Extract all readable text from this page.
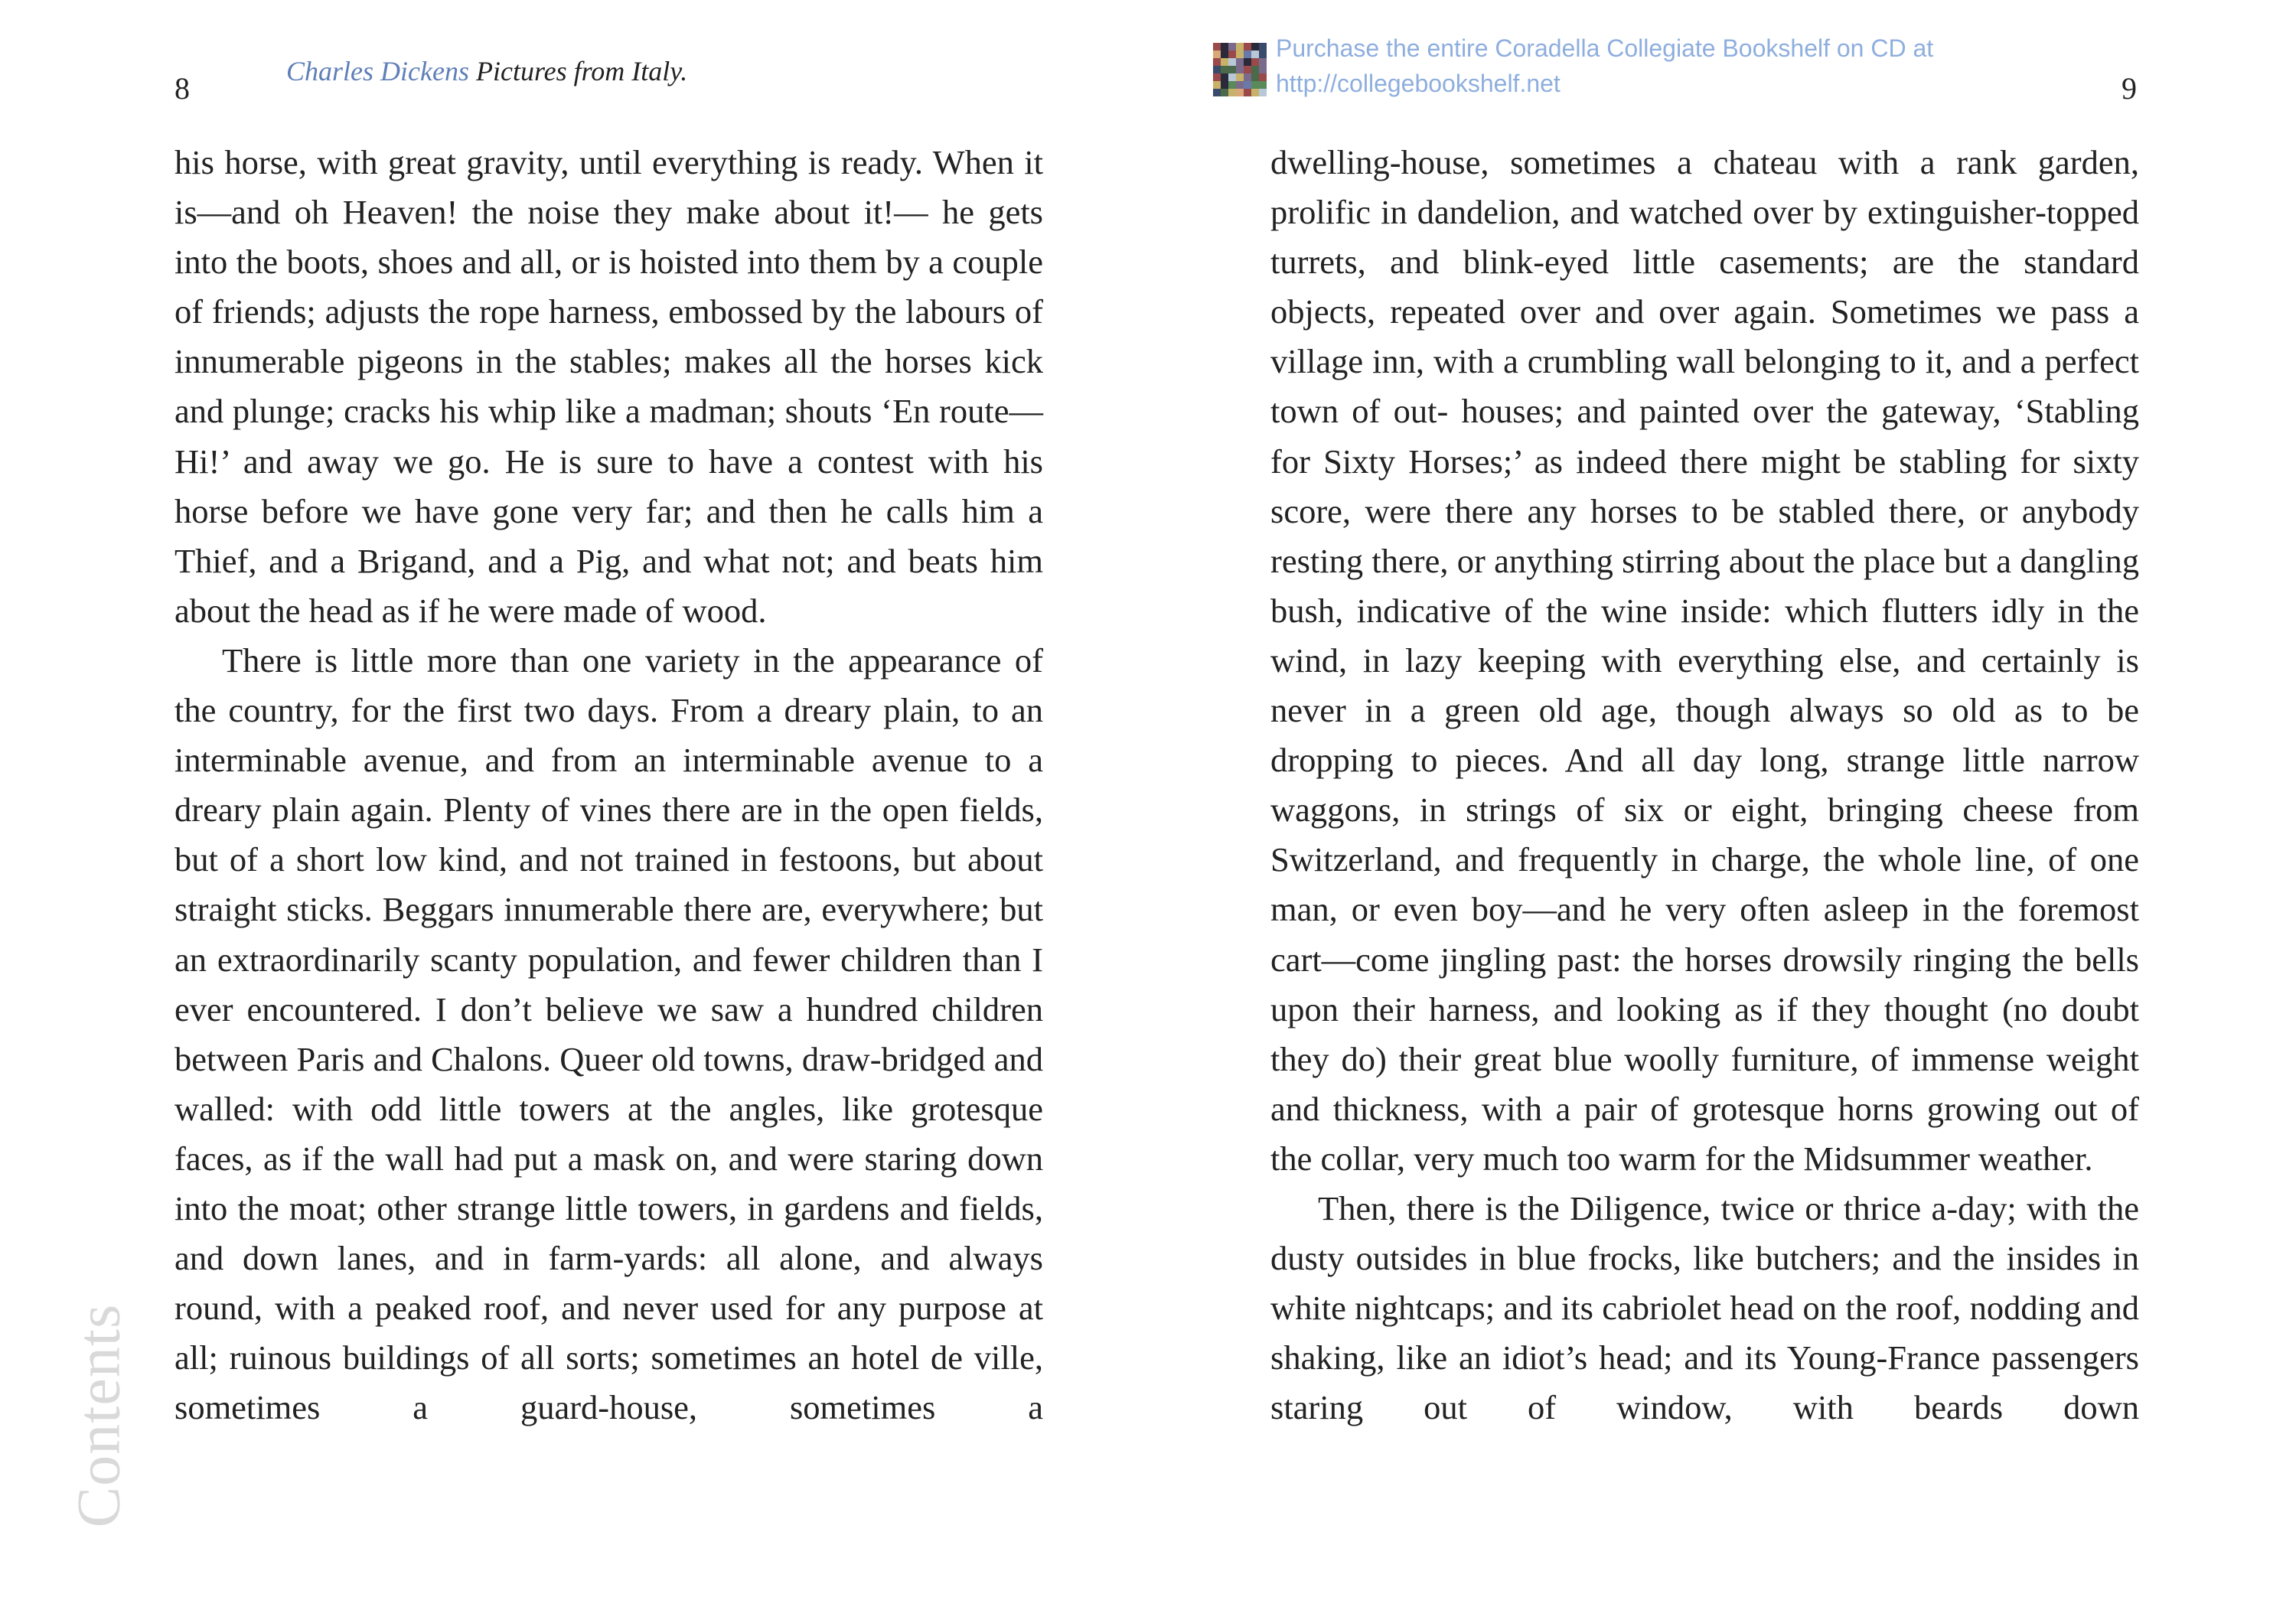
Charles Dickens Pictures from Italy.
8

his horse, with great gravity, until everything is ready. When it is—and oh Heaven! the noise they make about it!— he gets into the boots, shoes and all, or is hoisted into them by a couple of friends; adjusts the rope harness, embossed by the labours of innumerable pigeons in the stables; makes all the horses kick and plunge; cracks his whip like a madman; shouts ‘En route— Hi!’ and away we go. He is sure to have a contest with his horse before we have gone very far; and then he calls him a Thief, and a Brigand, and a Pig, and what not; and beats him about the head as if he were made of wood.

There is little more than one variety in the appearance of the country, for the first two days. From a dreary plain, to an interminable avenue, and from an interminable avenue to a dreary plain again. Plenty of vines there are in the open fields, but of a short low kind, and not trained in festoons, but about straight sticks. Beggars innumerable there are, everywhere; but an extraordinarily scanty population, and fewer children than I ever encountered. I don’t believe we saw a hundred children between Paris and Chalons. Queer old towns, draw-bridged and walled: with odd little towers at the angles, like grotesque faces, as if the wall had put a mask on, and were staring down into the moat; other strange little towers, in gardens and fields, and down lanes, and in farm-yards: all alone, and always round, with a peaked roof, and never used for any purpose at all; ruinous buildings of all sorts; sometimes an hotel de ville, sometimes a guard-house, sometimes a

Contents
Purchase the entire Coradella Collegiate Bookshelf on CD at
http://collegebookshelf.net	9

dwelling-house, sometimes a chateau with a rank garden, prolific in dandelion, and watched over by extinguisher-topped turrets, and blink-eyed little casements; are the standard objects, repeated over and over again. Sometimes we pass a village inn, with a crumbling wall belonging to it, and a perfect town of out- houses; and painted over the gateway, ‘Stabling for Sixty Horses;’ as indeed there might be stabling for sixty score, were there any horses to be stabled there, or anybody resting there, or anything stirring about the place but a dangling bush, indicative of the wine inside: which flutters idly in the wind, in lazy keeping with everything else, and certainly is never in a green old age, though always so old as to be dropping to pieces. And all day long, strange little narrow waggons, in strings of six or eight, bringing cheese from Switzerland, and frequently in charge, the whole line, of one man, or even boy—and he very often asleep in the foremost cart—come jingling past: the horses drowsily ringing the bells upon their harness, and looking as if they thought (no doubt they do) their great blue woolly furniture, of immense weight and thickness, with a pair of grotesque horns growing out of the collar, very much too warm for the Midsummer weather.

Then, there is the Diligence, twice or thrice a-day; with the dusty outsides in blue frocks, like butchers; and the insides in white nightcaps; and its cabriolet head on the roof, nodding and shaking, like an idiot’s head; and its Young-France passengers staring out of window, with beards down
